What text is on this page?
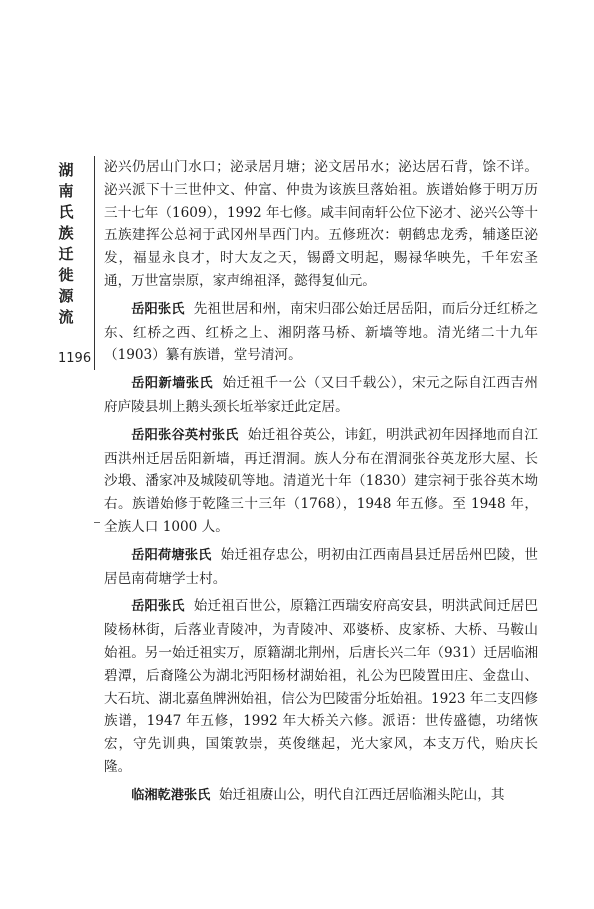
湖
南
氏
族
迁
徙
源
流
1196

泌兴仍居山门水口；泌录居月塘；泌文居吊水；泌达居石背，馀不详。泌兴派下十三世仲文、仲富、仲贵为该族旦落始祖。族谱始修于明万历三十七年（1609），1992 年七修。咸丰间南轩公位下泌才、泌兴公等十五族建挥公总祠于武冈州旱西门内。五修班次：朝鹤忠龙秀，辅遂臣泌发，福显永良才，时大友之天，锡爵文明起，赐禄华映先，千年宏圣通，万世富崇原，家声绵祖泽，懿得复仙元。

岳阳张氏 先祖世居和州，南宋归邵公始迁居岳阳，而后分迁红桥之东、红桥之西、红桥之上、湘阴落马桥、新墙等地。清光绪二十九年（1903）纂有族谱，堂号清河。

岳阳新墙张氏 始迁祖千一公（又曰千载公），宋元之际自江西吉州府庐陵县圳上鹅头颈长坵举家迁此定居。

岳阳张谷英村张氏 始迁祖谷英公，讳釭，明洪武初年因择地而自江西洪州迁居岳阳新墙，再迁渭洞。族人分布在渭洞张谷英龙形大屋、长沙塅、潘家冲及城陵矶等地。清道光十年（1830）建宗祠于张谷英木坳右。族谱始修于乾隆三十三年（1768），1948 年五修。至 1948 年，全族人口 1000 人。

岳阳荷塘张氏 始迁祖存忠公，明初由江西南昌县迁居岳州巴陵，世居邑南荷塘学士村。

岳阳张氏 始迁祖百世公，原籍江西瑞安府高安县，明洪武间迁居巴陵杨林街，后落业青陵冲，为青陵冲、邓婆桥、皮家桥、大桥、马鞍山始祖。另一始迁祖实万，原籍湖北荆州，后唐长兴二年（931）迁居临湘碧潭，后裔隆公为湖北沔阳杨材湖始祖，礼公为巴陵置田庄、金盘山、大石坑、湖北嘉鱼牌洲始祖，信公为巴陵雷分坵始祖。1923 年二支四修族谱，1947 年五修，1992 年大桥关六修。派语：世传盛德，功绪恢宏，守先训典，国策敦崇，英俊继起，光大家风，本支万代，贻庆长隆。

临湘乾港张氏 始迁祖赓山公，明代自江西迁居临湘头陀山，其
